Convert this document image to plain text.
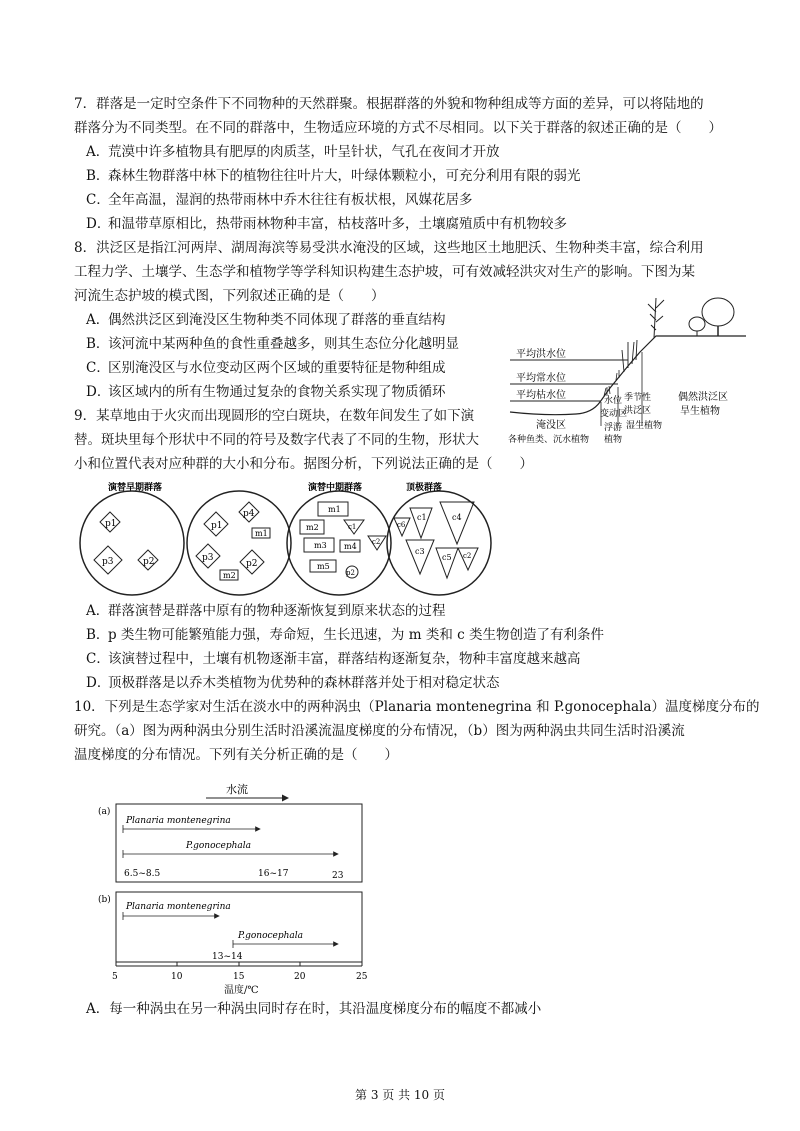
7．群落是一定时空条件下不同物种的天然群聚。根据群落的外貌和物种组成等方面的差异，可以将陆地的
群落分为不同类型。在不同的群落中，生物适应环境的方式不尽相同。以下关于群落的叙述正确的是（　　）
A．荒漠中许多植物具有肥厚的肉质茎，叶呈针状，气孔在夜间才开放
B．森林生物群落中林下的植物往往叶片大，叶绿体颗粒小，可充分利用有限的弱光
C．全年高温，湿润的热带雨林中乔木往往有板状根，风媒花居多
D．和温带草原相比，热带雨林物种丰富，枯枝落叶多，土壤腐殖质中有机物较多
8．洪泛区是指江河两岸、湖周海滨等易受洪水淹没的区域，这些地区土地肥沃、生物种类丰富，综合利用
工程力学、土壤学、生态学和植物学等学科知识构建生态护坡，可有效减轻洪灾对生产的影响。下图为某
河流生态护坡的模式图，下列叙述正确的是（　　）
A．偶然洪泛区到淹没区生物种类不同体现了群落的垂直结构
B．该河流中某两种鱼的食性重叠越多，则其生态位分化越明显
C．区别淹没区与水位变动区两个区域的重要特征是物种组成
D．该区域内的所有生物通过复杂的食物关系实现了物质循环
平均洪水位
平均常水位
平均枯水位
淹没区
各种鱼类、沉水植物
水位
变动区
浮游
植物
季节性
洪泛区
湿生植物
偶然洪泛区
旱生植物
9．某草地由于火灾而出现圆形的空白斑块，在数年间发生了如下演
替。斑块里每个形状中不同的符号及数字代表了不同的生物，形状大
小和位置代表对应种群的大小和分布。据图分析，下列说法正确的是（　　）
演替早期群落	演替中期群落	顶极群落
p1
p3	p2
p1
p4
m1
p3
p2
m2
m1
m2	c1
m3 m4 c2
m5
p2
c1	c4
c6
c3
c5 c2
A．群落演替是群落中原有的物种逐渐恢复到原来状态的过程
B．p 类生物可能繁殖能力强，寿命短，生长迅速，为 m 类和 c 类生物创造了有利条件
C．该演替过程中，土壤有机物逐渐丰富，群落结构逐渐复杂，物种丰富度越来越高
D．顶极群落是以乔木类植物为优势种的森林群落并处于相对稳定状态
10．下列是生态学家对生活在淡水中的两种涡虫（Planaria montenegrina 和 P.gonocephala）温度梯度分布的
研究。（a）图为两种涡虫分别生活时沿溪流温度梯度的分布情况，（b）图为两种涡虫共同生活时沿溪流
温度梯度的分布情况。下列有关分析正确的是（　　）
水流
(a)
Planaria montenegrina
P.gonocephala
6.5~8.5	16~17	23
(b)
Planaria montenegrina
P.gonocephala
13~14
5	10	15	20	25
温度/℃
A．每一种涡虫在另一种涡虫同时存在时，其沿温度梯度分布的幅度不都减小
第 3 页 共 10 页
